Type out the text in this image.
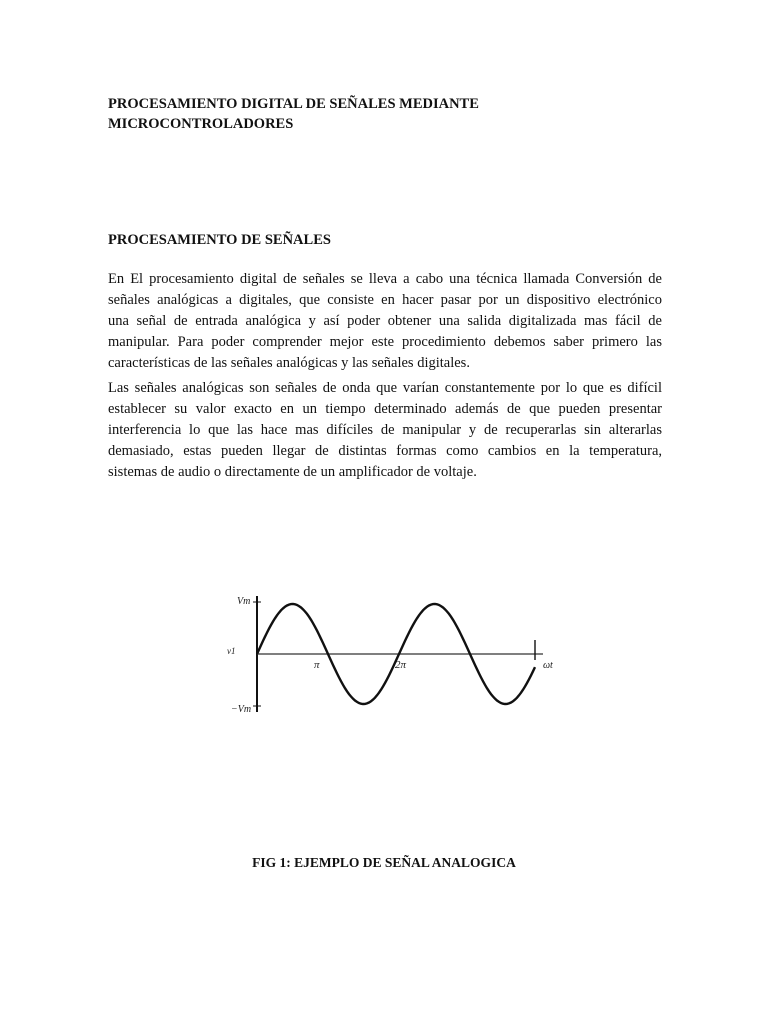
PROCESAMIENTO DIGITAL DE SEÑALES MEDIANTE
MICROCONTROLADORES
PROCESAMIENTO DE SEÑALES

En El procesamiento digital de señales se lleva a cabo una técnica llamada Conversión de
señales analógicas a digitales, que consiste en hacer pasar por un dispositivo electrónico
una señal de entrada analógica y así poder obtener una salida digitalizada mas fácil de
manipular. Para poder comprender mejor este procedimiento debemos saber primero las
características de las señales analógicas y las señales digitales.

Las señales analógicas son señales de onda que varían constantemente por lo que es difícil
establecer su valor exacto en un tiempo determinado además de que pueden presentar
interferencia lo que las hace mas difíciles de manipular y de recuperarlas sin alterarlas
demasiado, estas pueden llegar de distintas formas como cambios en la temperatura,
sistemas de audio o directamente de un amplificador de voltaje.

Vm
v1
−Vm
π	2π	ωt

FIG 1: EJEMPLO DE SEÑAL ANALOGICA
